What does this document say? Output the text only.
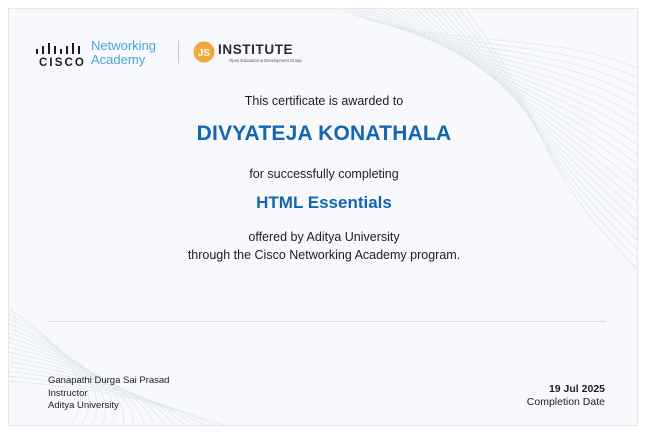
CISCO
Networking
Academy	JS INSTITUTE
Open Education & Development Group
This certificate is awarded to
DIVYATEJA KONATHALA
for successfully completing
HTML Essentials
offered by Aditya University
through the Cisco Networking Academy program.
Ganapathi Durga Sai Prasad
Instructor
Aditya University
19 Jul 2025
Completion Date
